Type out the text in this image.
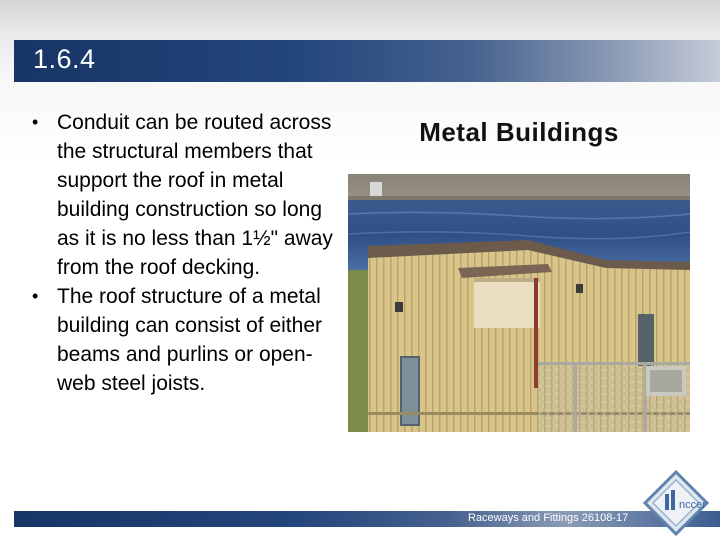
1.6.4
• Conduit can be routed across the structural members that support the roof in metal building construction so long as it is no less than 1½" away from the roof decking.
• The roof structure of a metal building can consist of either beams and purlins or open-web steel joists.
Metal Buildings
Raceways and Fittings 26108-17
nccer
